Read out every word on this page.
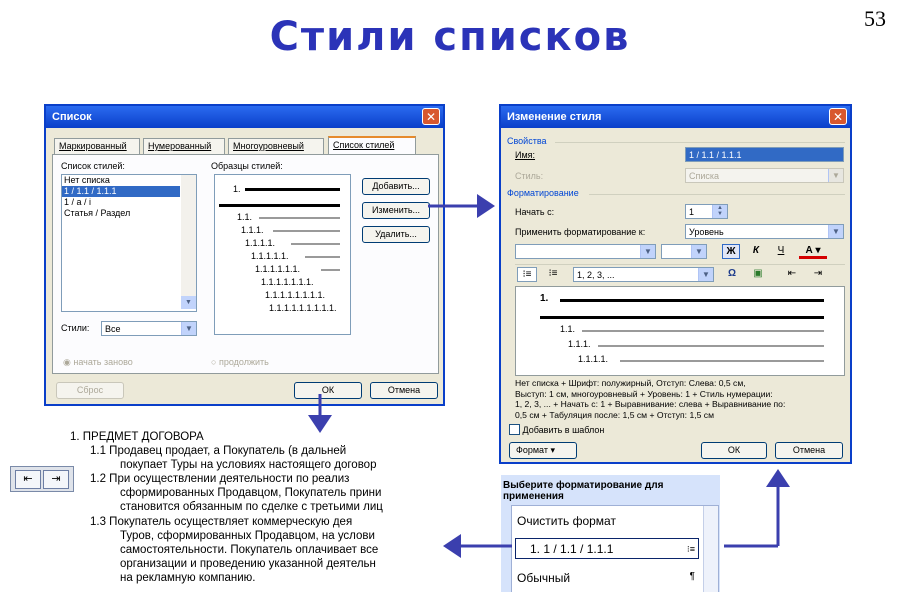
Стили списков	53
Список	✕
Маркированный	Нумерованный	Многоуровневый	Список стилей
Список стилей:
Нет списка
1 / 1.1 / 1.1.1
1 / a / i
Статья / Раздел
▼
Образцы стилей:
1.
1.1.
1.1.1.
1.1.1.1.
1.1.1.1.1.
1.1.1.1.1.1.
1.1.1.1.1.1.1.
1.1.1.1.1.1.1.1.
1.1.1.1.1.1.1.1.1.
Добавить...
Изменить...
Удалить...
Стили:	Все	▼
◉ начать заново	○ продолжить
Сброс	ОК	Отмена
Изменение стиля	✕
Свойства
Имя:	1 / 1.1 / 1.1.1
Стиль:	Списка	▼
Форматирование
Начать с:	1	▲
▼
Применить форматирование к:	Уровень	▼
▼	▼	Ж	К	Ч	А ▾
⁝≡	⁝≡	1, 2, 3, ...	▼	Ω	▣	⇤	⇥
1.
1.1.
1.1.1.
1.1.1.1.
Нет списка + Шрифт: полужирный, Отступ: Слева: 0,5 см,
Выступ: 1 см, многоуровневый + Уровень: 1 + Стиль нумерации:
1, 2, 3, ... + Начать с: 1 + Выравнивание: слева + Выравнивание по:
0,5 см + Табуляция после: 1,5 см + Отступ: 1,5 см
Добавить в шаблон
Формат ▾	ОК	Отмена
1. ПРЕДМЕТ ДОГОВОРА
1.1 Продавец продает, а Покупатель (в дальней
покупает Туры на условиях настоящего договор
1.2 При осуществлении деятельности по реализ
сформированных Продавцом, Покупатель прини
становится обязанным по сделке с третьими лиц
1.3 Покупатель осуществляет коммерческую дея
Туров, сформированных Продавцом, на услови
самостоятельности. Покупатель оплачивает все
организации и проведению указанной деятельн
на рекламную компанию.
⇤	⇥
Выберите форматирование для применения
Очистить формат
1. 1 / 1.1 / 1.1.1	⁝≡
Обычный	¶
